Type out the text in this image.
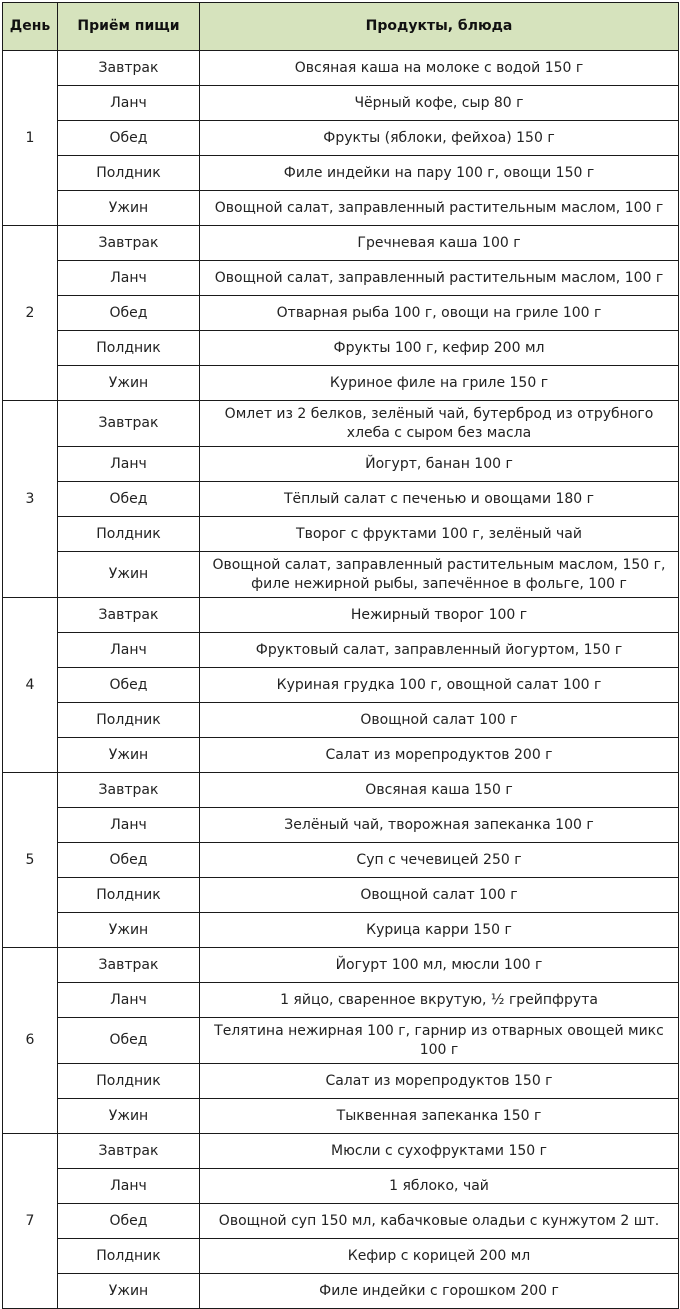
День	Приём пищи	Продукты, блюда
1	Завтрак	Овсяная каша на молоке с водой 150 г
	Ланч	Чёрный кофе, сыр 80 г
	Обед	Фрукты (яблоки, фейхоа) 150 г
	Полдник	Филе индейки на пару 100 г, овощи 150 г
	Ужин	Овощной салат, заправленный растительным маслом, 100 г
2	Завтрак	Гречневая каша 100 г
	Ланч	Овощной салат, заправленный растительным маслом, 100 г
	Обед	Отварная рыба 100 г, овощи на гриле 100 г
	Полдник	Фрукты 100 г, кефир 200 мл
	Ужин	Куриное филе на гриле 150 г
3	Завтрак	Омлет из 2 белков, зелёный чай, бутерброд из отрубного хлеба с сыром без масла
	Ланч	Йогурт, банан 100 г
	Обед	Тёплый салат с печенью и овощами 180 г
	Полдник	Творог с фруктами 100 г, зелёный чай
	Ужин	Овощной салат, заправленный растительным маслом, 150 г, филе нежирной рыбы, запечённое в фольге, 100 г
4	Завтрак	Нежирный творог 100 г
	Ланч	Фруктовый салат, заправленный йогуртом, 150 г
	Обед	Куриная грудка 100 г, овощной салат 100 г
	Полдник	Овощной салат 100 г
	Ужин	Салат из морепродуктов 200 г
5	Завтрак	Овсяная каша 150 г
	Ланч	Зелёный чай, творожная запеканка 100 г
	Обед	Суп с чечевицей 250 г
	Полдник	Овощной салат 100 г
	Ужин	Курица карри 150 г
6	Завтрак	Йогурт 100 мл, мюсли 100 г
	Ланч	1 яйцо, сваренное вкрутую, ½ грейпфрута
	Обед	Телятина нежирная 100 г, гарнир из отварных овощей микс 100 г
	Полдник	Салат из морепродуктов 150 г
	Ужин	Тыквенная запеканка 150 г
7	Завтрак	Мюсли с сухофруктами 150 г
	Ланч	1 яблоко, чай
	Обед	Овощной суп 150 мл, кабачковые оладьи с кунжутом 2 шт.
	Полдник	Кефир с корицей 200 мл
	Ужин	Филе индейки с горошком 200 г
